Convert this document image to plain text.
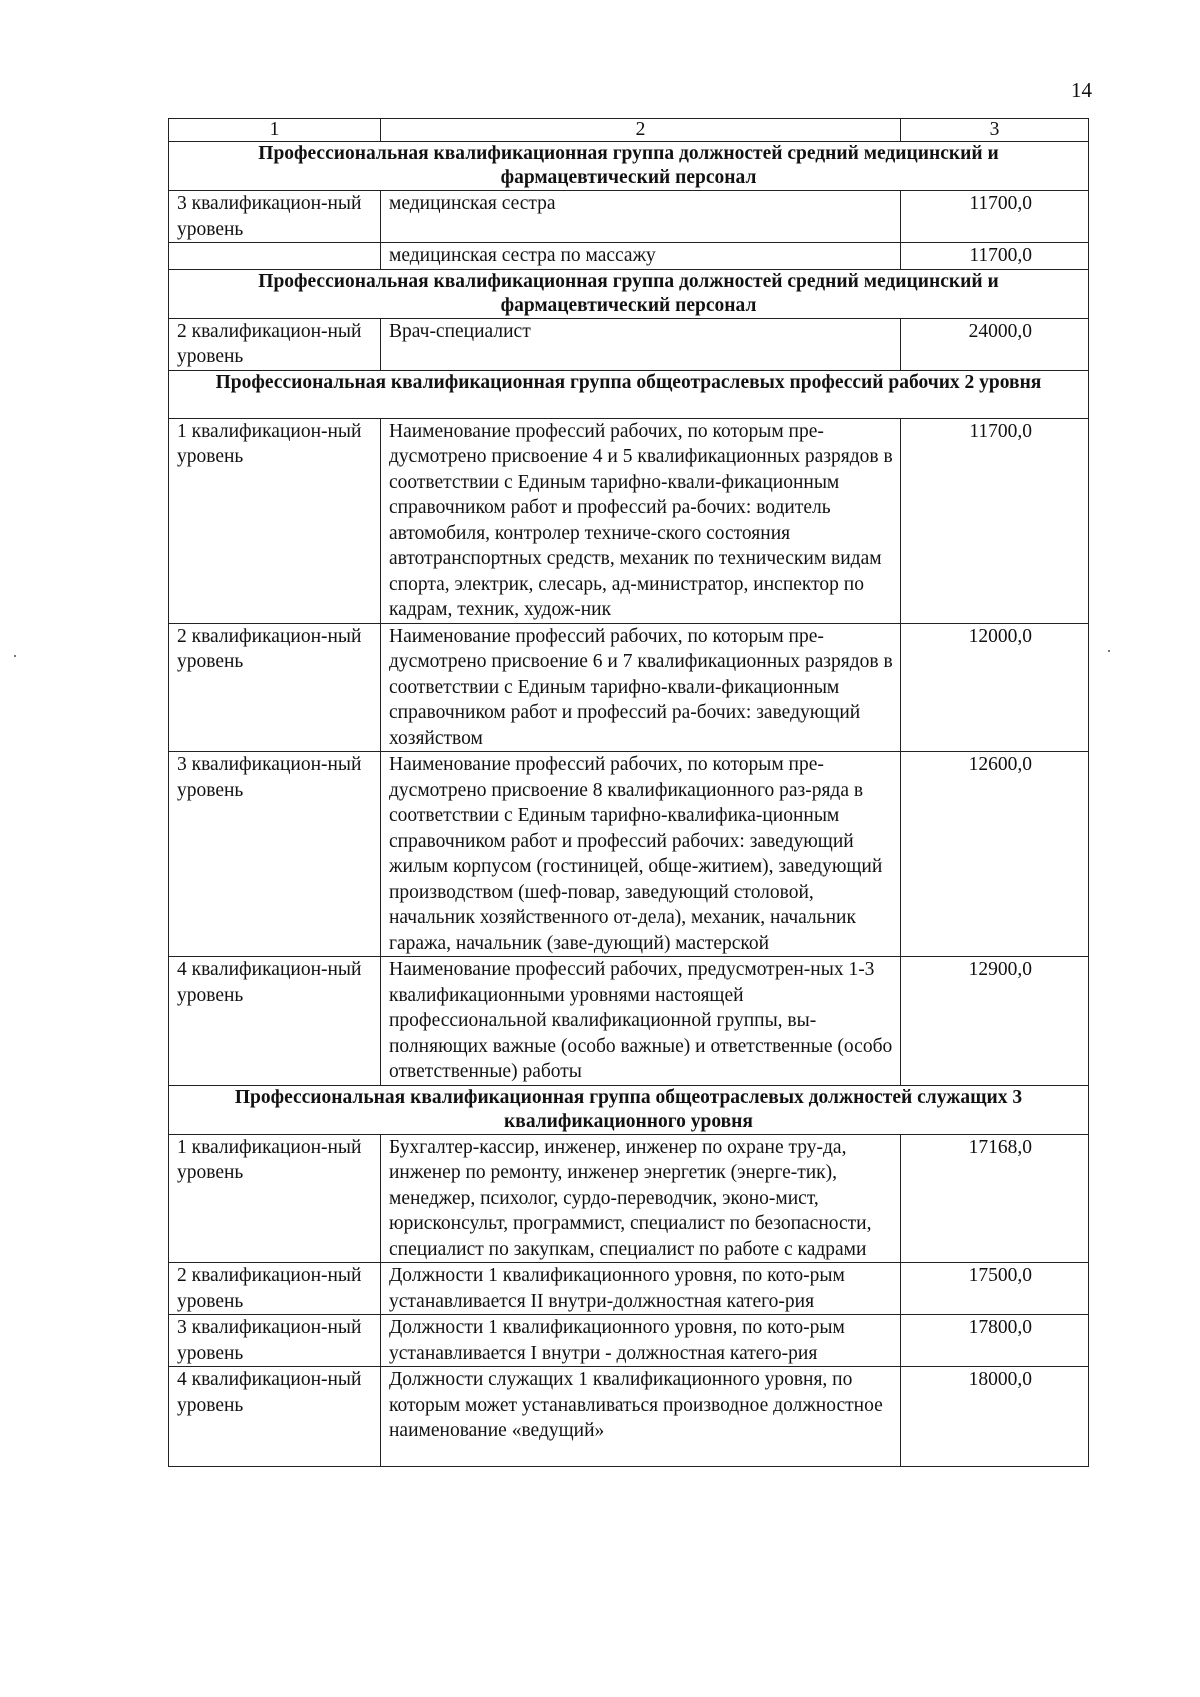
14
1	2	3
Профессиональная квалификационная группа должностей средний медицинский и фармацевтический персонал		
3 квалификацион-ный уровень	медицинская сестра	11700,0
	медицинская сестра по массажу	11700,0
Профессиональная квалификационная группа должностей средний медицинский и фармацевтический персонал		
2 квалификацион-ный уровень	Врач-специалист	24000,0
Профессиональная квалификационная группа общеотраслевых профессий рабочих 2 уровня		
1 квалификацион-ный уровень	Наименование профессий рабочих, по которым пре-дусмотрено присвоение 4 и 5 квалификационных разрядов в соответствии с Единым тарифно-квали-фикационным справочником работ и профессий ра-бочих: водитель автомобиля, контролер техниче-ского состояния автотранспортных средств, механик по техническим видам спорта, электрик, слесарь, ад-министратор, инспектор по кадрам, техник, худож-ник	11700,0
2 квалификацион-ный уровень	Наименование профессий рабочих, по которым пре-дусмотрено присвоение 6 и 7 квалификационных разрядов в соответствии с Единым тарифно-квали-фикационным справочником работ и профессий ра-бочих: заведующий хозяйством	12000,0
3 квалификацион-ный уровень	Наименование профессий рабочих, по которым пре-дусмотрено присвоение 8 квалификационного раз-ряда в соответствии с Единым тарифно-квалифика-ционным справочником работ и профессий рабочих: заведующий жилым корпусом (гостиницей, обще-житием), заведующий производством (шеф-повар, заведующий столовой, начальник хозяйственного от-дела), механик, начальник гаража, начальник (заве-дующий) мастерской	12600,0
4 квалификацион-ный уровень	Наименование профессий рабочих, предусмотрен-ных 1-3 квалификационными уровнями настоящей профессиональной квалификационной группы, вы-полняющих важные (особо важные) и ответственные (особо ответственные) работы	12900,0
Профессиональная квалификационная группа общеотраслевых должностей служащих 3 квалификационного уровня		
1 квалификацион-ный уровень	Бухгалтер-кассир, инженер, инженер по охране тру-да, инженер по ремонту, инженер энергетик (энерге-тик), менеджер, психолог, сурдо-переводчик, эконо-мист, юрисконсульт, программист, специалист по безопасности, специалист по закупкам, специалист по работе с кадрами	17168,0
2 квалификацион-ный уровень	Должности 1 квалификационного уровня, по кото-рым устанавливается II внутри-должностная катего-рия	17500,0
3 квалификацион-ный уровень	Должности 1 квалификационного уровня, по кото-рым устанавливается I внутри - должностная катего-рия	17800,0
4 квалификацион-ный уровень	Должности служащих 1 квалификационного уровня, по которым может устанавливаться производное должностное наименование «ведущий»	18000,0
